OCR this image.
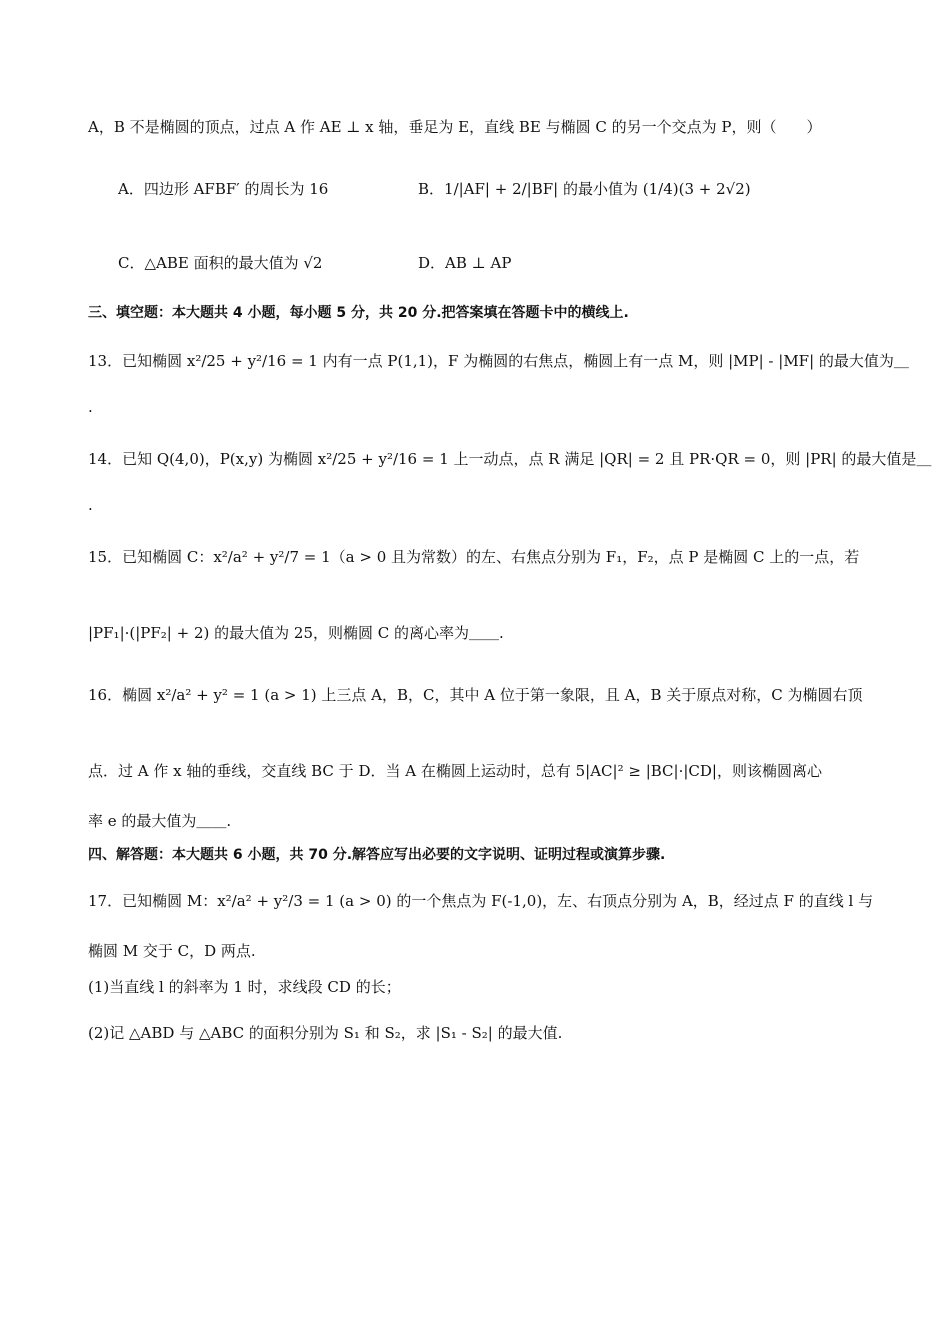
A，B 不是椭圆的顶点，过点 A 作 AE ⊥ x 轴，垂足为 E，直线 BE 与椭圆 C 的另一个交点为 P，则（　　）
A．四边形 AFBF′ 的周长为 16	B．1/|AF| + 2/|BF| 的最小值为 (1/4)(3 + 2√2)
C．△ABE 面积的最大值为 √2	D．AB ⊥ AP
三、填空题：本大题共 4 小题，每小题 5 分，共 20 分.把答案填在答题卡中的横线上.
13．已知椭圆 x²/25 + y²/16 = 1 内有一点 P(1,1)，F 为椭圆的右焦点，椭圆上有一点 M，则 |MP| - |MF| 的最大值为＿
.
14．已知 Q(4,0)，P(x,y) 为椭圆 x²/25 + y²/16 = 1 上一动点，点 R 满足 |QR| = 2 且 PR·QR = 0，则 |PR| 的最大值是＿
.
15．已知椭圆 C：x²/a² + y²/7 = 1（a > 0 且为常数）的左、右焦点分别为 F₁，F₂，点 P 是椭圆 C 上的一点，若
|PF₁|·(|PF₂| + 2) 的最大值为 25，则椭圆 C 的离心率为＿＿.
16．椭圆 x²/a² + y² = 1 (a > 1) 上三点 A，B，C，其中 A 位于第一象限，且 A，B 关于原点对称，C 为椭圆右顶
点．过 A 作 x 轴的垂线，交直线 BC 于 D．当 A 在椭圆上运动时，总有 5|AC|² ≥ |BC|·|CD|，则该椭圆离心
率 e 的最大值为＿＿.
四、解答题：本大题共 6 小题，共 70 分.解答应写出必要的文字说明、证明过程或演算步骤.
17．已知椭圆 M：x²/a² + y²/3 = 1 (a > 0) 的一个焦点为 F(-1,0)，左、右顶点分别为 A，B，经过点 F 的直线 l 与
椭圆 M 交于 C，D 两点.
(1)当直线 l 的斜率为 1 时，求线段 CD 的长；
(2)记 △ABD 与 △ABC 的面积分别为 S₁ 和 S₂，求 |S₁ - S₂| 的最大值.
